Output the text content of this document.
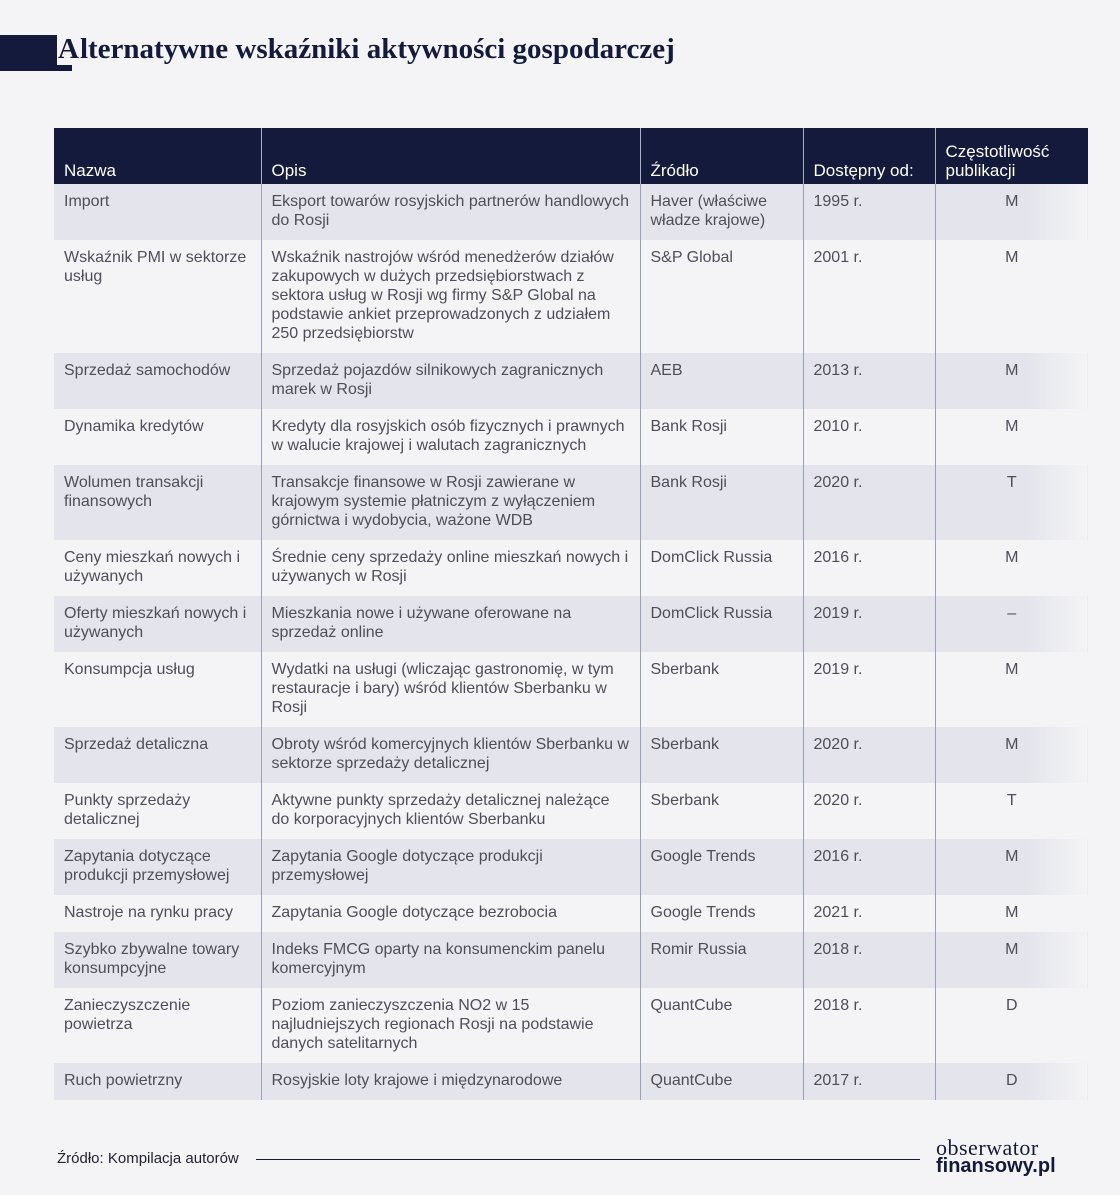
Alternatywne wskaźniki aktywności gospodarczej
Nazwa	Opis	Źródło	Dostępny od:	Częstotliwość publikacji
Import	Eksport towarów rosyjskich partnerów handlowych do Rosji	Haver (właściwe władze krajowe)	1995 r.	M
Wskaźnik PMI w sektorze usług	Wskaźnik nastrojów wśród menedżerów działów zakupowych w dużych przedsiębiorstwach z sektora usług w Rosji wg firmy S&P Global na podstawie ankiet przeprowadzonych z udziałem 250 przedsiębiorstw	S&P Global	2001 r.	M
Sprzedaż samochodów	Sprzedaż pojazdów silnikowych zagranicznych marek w Rosji	AEB	2013 r.	M
Dynamika kredytów	Kredyty dla rosyjskich osób fizycznych i prawnych w walucie krajowej i walutach zagranicznych	Bank Rosji	2010 r.	M
Wolumen transakcji finansowych	Transakcje finansowe w Rosji zawierane w krajowym systemie płatniczym z wyłączeniem górnictwa i wydobycia, ważone WDB	Bank Rosji	2020 r.	T
Ceny mieszkań nowych i używanych	Średnie ceny sprzedaży online mieszkań nowych i używanych w Rosji	DomClick Russia	2016 r.	M
Oferty mieszkań nowych i używanych	Mieszkania nowe i używane oferowane na sprzedaż online	DomClick Russia	2019 r.	–
Konsumpcja usług	Wydatki na usługi (wliczając gastronomię, w tym restauracje i bary) wśród klientów Sberbanku w Rosji	Sberbank	2019 r.	M
Sprzedaż detaliczna	Obroty wśród komercyjnych klientów Sberbanku w sektorze sprzedaży detalicznej	Sberbank	2020 r.	M
Punkty sprzedaży detalicznej	Aktywne punkty sprzedaży detalicznej należące do korporacyjnych klientów Sberbanku	Sberbank	2020 r.	T
Zapytania dotyczące produkcji przemysłowej	Zapytania Google dotyczące produkcji przemysłowej	Google Trends	2016 r.	M
Nastroje na rynku pracy	Zapytania Google dotyczące bezrobocia	Google Trends	2021 r.	M
Szybko zbywalne towary konsumpcyjne	Indeks FMCG oparty na konsumenckim panelu komercyjnym	Romir Russia	2018 r.	M
Zanieczyszczenie powietrza	Poziom zanieczyszczenia NO2 w 15 najludniejszych regionach Rosji na podstawie danych satelitarnych	QuantCube	2018 r.	D
Ruch powietrzny	Rosyjskie loty krajowe i międzynarodowe	QuantCube	2017 r.	D
Źródło: Kompilacja autorów	obserwator
finansowy.pl
